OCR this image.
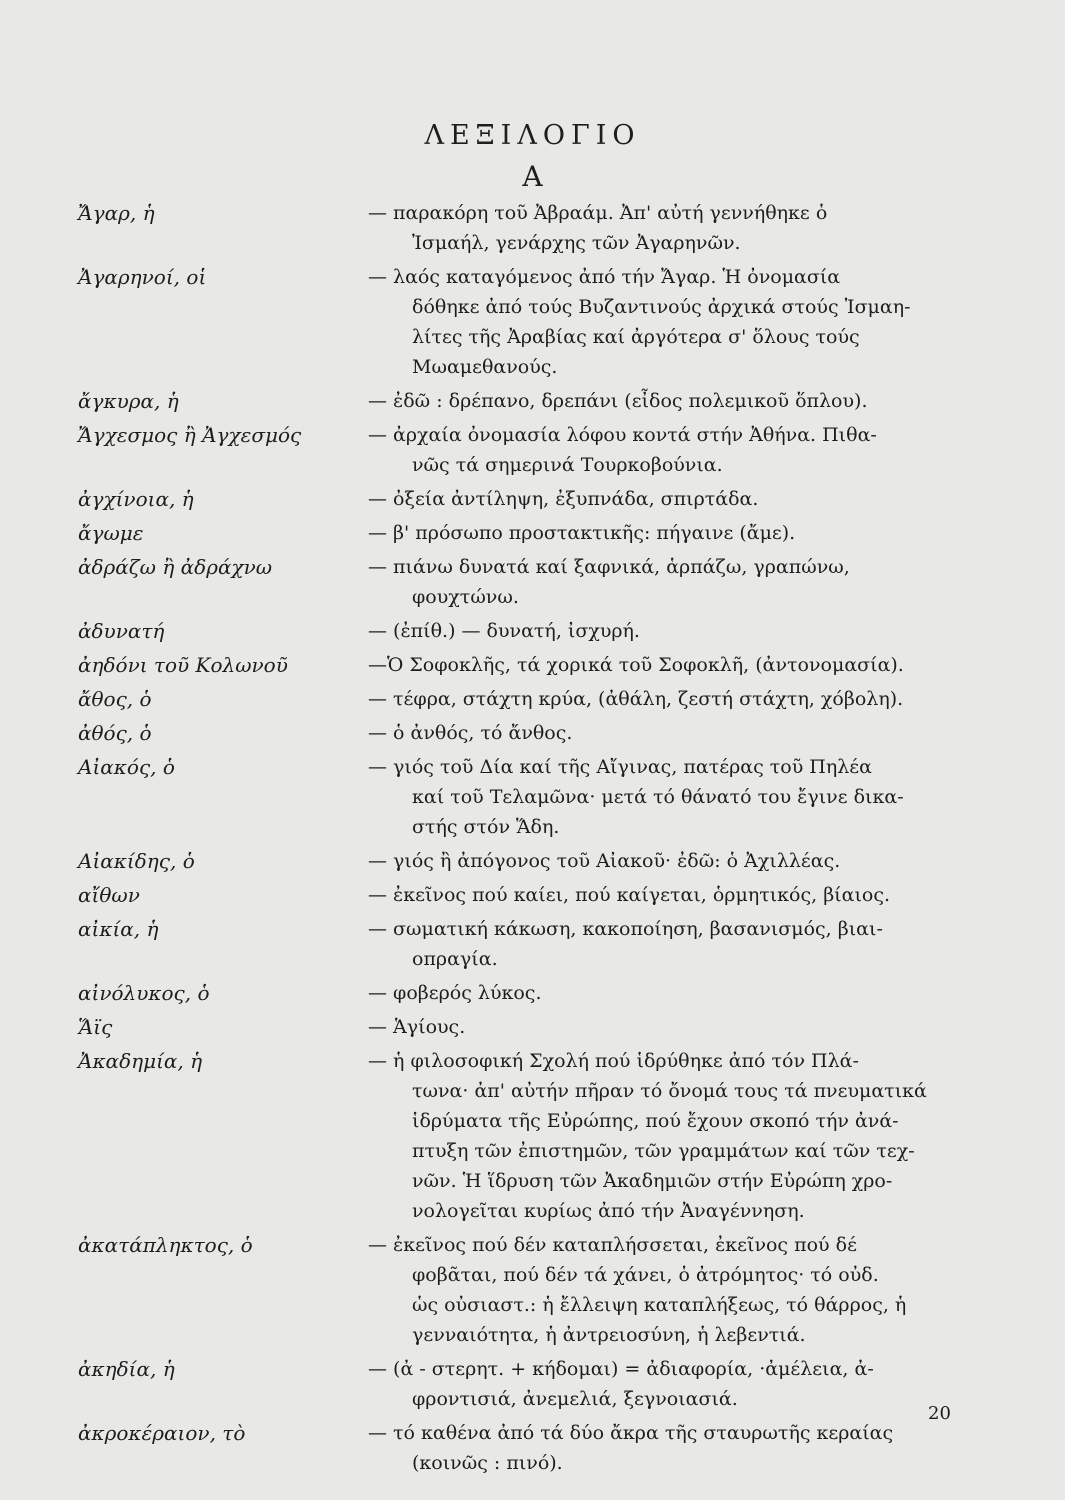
ΛΕΞΙΛΟΓΙΟ
Α
Ἄγαρ, ἡ	— παρακόρη τοῦ Ἀβραάμ. Ἀπ' αὐτή γεννήθηκε ὁ
Ἰσμαήλ, γενάρχης τῶν Ἀγαρηνῶν.
Ἀγαρηνοί, οἱ	— λαός καταγόμενος ἀπό τήν Ἄγαρ. Ἡ ὀνομασία
δόθηκε ἀπό τούς Βυζαντινούς ἀρχικά στούς Ἰσμαη-
λίτες τῆς Ἀραβίας καί ἀργότερα σ' ὅλους τούς
Μωαμεθανούς.
ἄγκυρα, ἡ	— ἐδῶ : δρέπανο, δρεπάνι (εἶδος πολεμικοῦ ὅπλου).
Ἄγχεσμος ἢ Ἀγχεσμός	— ἀρχαία ὀνομασία λόφου κοντά στήν Ἀθήνα. Πιθα-
νῶς τά σημερινά Τουρκοβούνια.
ἀγχίνοια, ἡ	— ὀξεία ἀντίληψη, ἐξυπνάδα, σπιρτάδα.
ἄγωμε	— β' πρόσωπο προστακτικῆς: πήγαινε (ἄμε).
ἀδράζω ἢ ἀδράχνω	— πιάνω δυνατά καί ξαφνικά, ἁρπάζω, γραπώνω,
φουχτώνω.
ἀδυνατή	— (ἐπίθ.) — δυνατή, ἰσχυρή.
ἀηδόνι τοῦ Κολωνοῦ	—Ὁ Σοφοκλῆς, τά χορικά τοῦ Σοφοκλῆ, (ἀντονομασία).
ἄθος, ὁ	— τέφρα, στάχτη κρύα, (ἀθάλη, ζεστή στάχτη, χόβολη).
ἀθός, ὁ	— ὁ ἀνθός, τό ἄνθος.
Αἰακός, ὁ	— γιός τοῦ Δία καί τῆς Αἴγινας, πατέρας τοῦ Πηλέα
καί τοῦ Τελαμῶνα· μετά τό θάνατό του ἔγινε δικα-
στής στόν Ἅδη.
Αἰακίδης, ὁ	— γιός ἢ ἀπόγονος τοῦ Αἰακοῦ· ἐδῶ: ὁ Ἀχιλλέας.
αἴθων	— ἐκεῖνος πού καίει, πού καίγεται, ὁρμητικός, βίαιος.
αἰκία, ἡ	— σωματική κάκωση, κακοποίηση, βασανισμός, βιαι-
οπραγία.
αἰνόλυκος, ὁ	— φοβερός λύκος.
Ἅϊς	— Ἁγίους.
Ἀκαδημία, ἡ	— ἡ φιλοσοφική Σχολή πού ἱδρύθηκε ἀπό τόν Πλά-
τωνα· ἀπ' αὐτήν πῆραν τό ὄνομά τους τά πνευματικά
ἱδρύματα τῆς Εὐρώπης, πού ἔχουν σκοπό τήν ἀνά-
πτυξη τῶν ἐπιστημῶν, τῶν γραμμάτων καί τῶν τεχ-
νῶν. Ἡ ἵδρυση τῶν Ἀκαδημιῶν στήν Εὐρώπη χρο-
νολογεῖται κυρίως ἀπό τήν Ἀναγέννηση.
ἀκατάπληκτος, ὁ	— ἐκεῖνος πού δέν καταπλήσσεται, ἐκεῖνος πού δέ
φοβᾶται, πού δέν τά χάνει, ὁ ἀτρόμητος· τό οὐδ.
ὡς οὐσιαστ.: ἡ ἔλλειψη καταπλήξεως, τό θάρρος, ἡ
γενναιότητα, ἡ ἀντρειοσύνη, ἡ λεβεντιά.
ἀκηδία, ἡ	— (ἀ - στερητ. + κήδομαι) = ἀδιαφορία, ·ἀμέλεια, ἀ-
φροντισιά, ἀνεμελιά, ξεγνοιασιά.
ἀκροκέραιον, τὸ	— τό καθένα ἀπό τά δύο ἄκρα τῆς σταυρωτῆς κεραίας
(κοινῶς : πινό).
20
